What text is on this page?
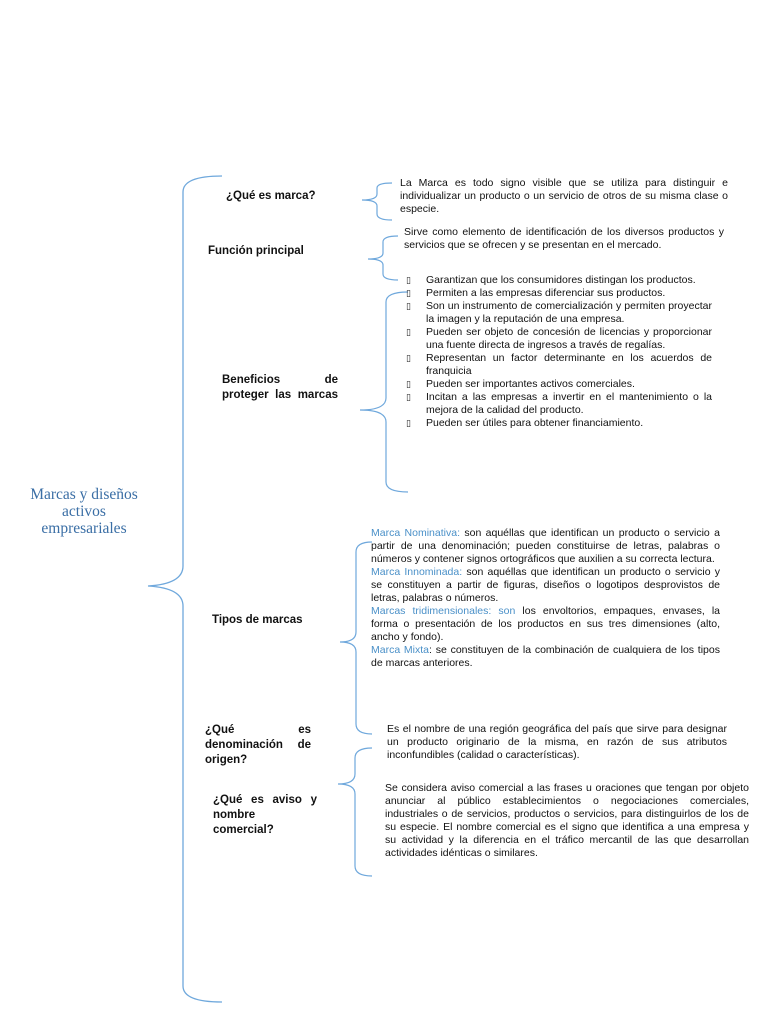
Marcas y diseños activos empresariales
¿Qué es marca?
La Marca es todo signo visible que se utiliza para distinguir e individualizar un producto o un servicio de otros de su misma clase o especie.
Función principal
Sirve como elemento de identificación de los diversos productos y servicios que se ofrecen y se presentan en el mercado.
Beneficios de proteger las marcas
▯ Garantizan que los consumidores distingan los productos.
▯ Permiten a las empresas diferenciar sus productos.
▯ Son un instrumento de comercialización y permiten proyectar la imagen y la reputación de una empresa.
▯ Pueden ser objeto de concesión de licencias y proporcionar una fuente directa de ingresos a través de regalías.
▯ Representan un factor determinante en los acuerdos de franquicia
▯ Pueden ser importantes activos comerciales.
▯ Incitan a las empresas a invertir en el mantenimiento o la mejora de la calidad del producto.
▯ Pueden ser útiles para obtener financiamiento.
Tipos de marcas

Marca Nominativa: son aquéllas que identifican un producto o servicio a partir de una denominación; pueden constituirse de letras, palabras o números y contener signos ortográficos que auxilien a su correcta lectura.

Marca Innominada: son aquéllas que identifican un producto o servicio y se constituyen a partir de figuras, diseños o logotipos desprovistos de letras, palabras o números.

Marcas tridimensionales: son los envoltorios, empaques, envases, la forma o presentación de los productos en sus tres dimensiones (alto, ancho y fondo).

Marca Mixta: se constituyen de la combinación de cualquiera de los tipos de marcas anteriores.

¿Qué es denominación de origen?
Es el nombre de una región geográfica del país que sirve para designar un producto originario de la misma, en razón de sus atributos inconfundibles (calidad o características).
¿Qué es aviso y nombre comercial?
Se considera aviso comercial a las frases u oraciones que tengan por objeto anunciar al público establecimientos o negociaciones comerciales, industriales o de servicios, productos o servicios, para distinguirlos de los de su especie. El nombre comercial es el signo que identifica a una empresa y su actividad y la diferencia en el tráfico mercantil de las que desarrollan actividades idénticas o similares.
